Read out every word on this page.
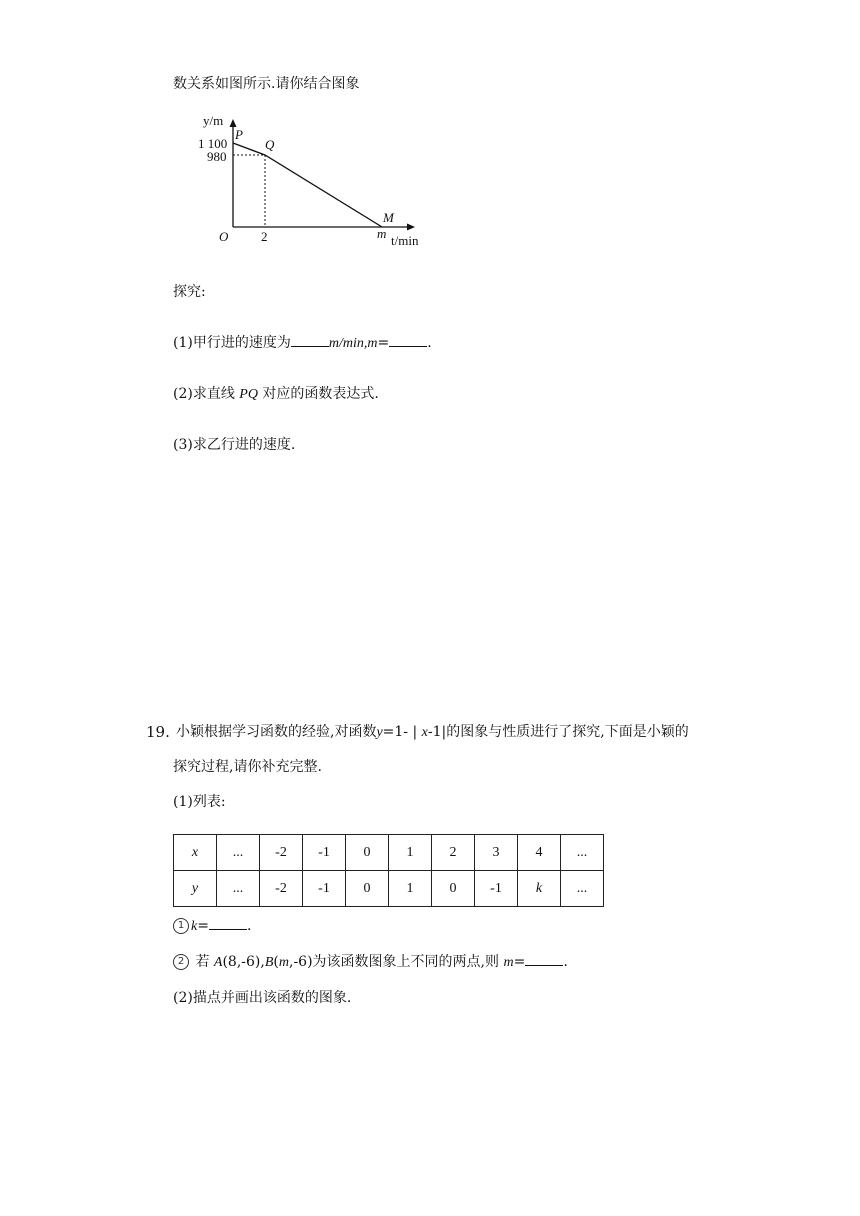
数关系如图所示.请你结合图象
y/m
P
Q
M
1 100
980
O	2	m t/min
探究:
(1)甲行进的速度为	m/min,m=	.
(2)求直线 PQ 对应的函数表达式.
(3)求乙行进的速度.
19. 小颖根据学习函数的经验,对函数y=1- | x-1|的图象与性质进行了探究,下面是小颖的
探究过程,请你补充完整.
(1)列表:
x	...	-2	-1	0	1	2	3	4	...
y	...	-2	-1	0	1	0	-1	k	...
1 k=	.
2 若 A(8,-6),B(m,-6)为该函数图象上不同的两点,则 m=	.
(2)描点并画出该函数的图象.
